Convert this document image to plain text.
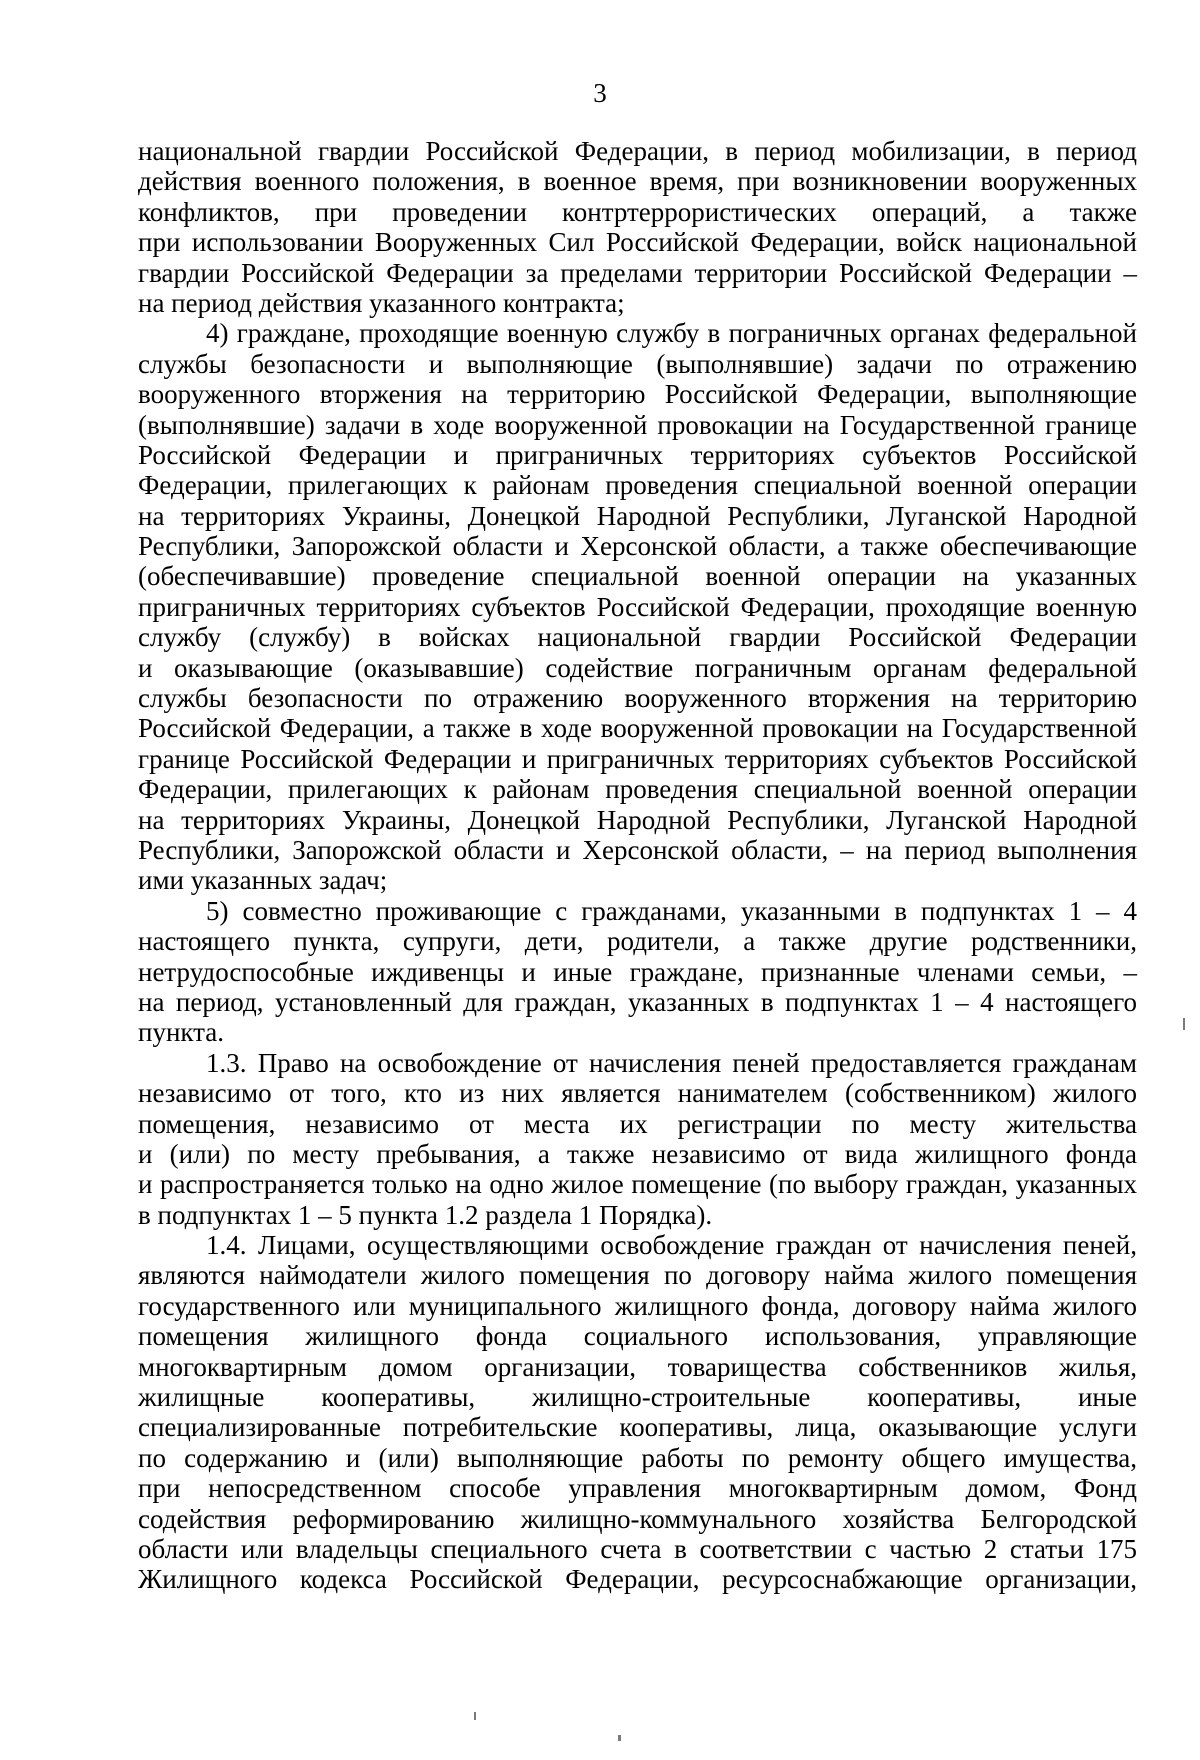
3
национальной гвардии Российской Федерации, в период мобилизации, в период
действия военного положения, в военное время, при возникновении вооруженных
конфликтов, при проведении контртеррористических операций, а также
при использовании Вооруженных Сил Российской Федерации, войск национальной
гвардии Российской Федерации за пределами территории Российской Федерации –
на период действия указанного контракта;
4) граждане, проходящие военную службу в пограничных органах федеральной
службы безопасности и выполняющие (выполнявшие) задачи по отражению
вооруженного вторжения на территорию Российской Федерации, выполняющие
(выполнявшие) задачи в ходе вооруженной провокации на Государственной границе
Российской Федерации и приграничных территориях субъектов Российской
Федерации, прилегающих к районам проведения специальной военной операции
на территориях Украины, Донецкой Народной Республики, Луганской Народной
Республики, Запорожской области и Херсонской области, а также обеспечивающие
(обеспечивавшие) проведение специальной военной операции на указанных
приграничных территориях субъектов Российской Федерации, проходящие военную
службу (службу) в войсках национальной гвардии Российской Федерации
и оказывающие (оказывавшие) содействие пограничным органам федеральной
службы безопасности по отражению вооруженного вторжения на территорию
Российской Федерации, а также в ходе вооруженной провокации на Государственной
границе Российской Федерации и приграничных территориях субъектов Российской
Федерации, прилегающих к районам проведения специальной военной операции
на территориях Украины, Донецкой Народной Республики, Луганской Народной
Республики, Запорожской области и Херсонской области, – на период выполнения
ими указанных задач;
5) совместно проживающие с гражданами, указанными в подпунктах 1 – 4
настоящего пункта, супруги, дети, родители, а также другие родственники,
нетрудоспособные иждивенцы и иные граждане, признанные членами семьи, –
на период, установленный для граждан, указанных в подпунктах 1 – 4 настоящего
пункта.
1.3. Право на освобождение от начисления пеней предоставляется гражданам
независимо от того, кто из них является нанимателем (собственником) жилого
помещения, независимо от места их регистрации по месту жительства
и (или) по месту пребывания, а также независимо от вида жилищного фонда
и распространяется только на одно жилое помещение (по выбору граждан, указанных
в подпунктах 1 – 5 пункта 1.2 раздела 1 Порядка).
1.4. Лицами, осуществляющими освобождение граждан от начисления пеней,
являются наймодатели жилого помещения по договору найма жилого помещения
государственного или муниципального жилищного фонда, договору найма жилого
помещения жилищного фонда социального использования, управляющие
многоквартирным домом организации, товарищества собственников жилья,
жилищные кооперативы, жилищно-строительные кооперативы, иные
специализированные потребительские кооперативы, лица, оказывающие услуги
по содержанию и (или) выполняющие работы по ремонту общего имущества,
при непосредственном способе управления многоквартирным домом, Фонд
содействия реформированию жилищно-коммунального хозяйства Белгородской
области или владельцы специального счета в соответствии с частью 2 статьи 175
Жилищного кодекса Российской Федерации, ресурсоснабжающие организации,
